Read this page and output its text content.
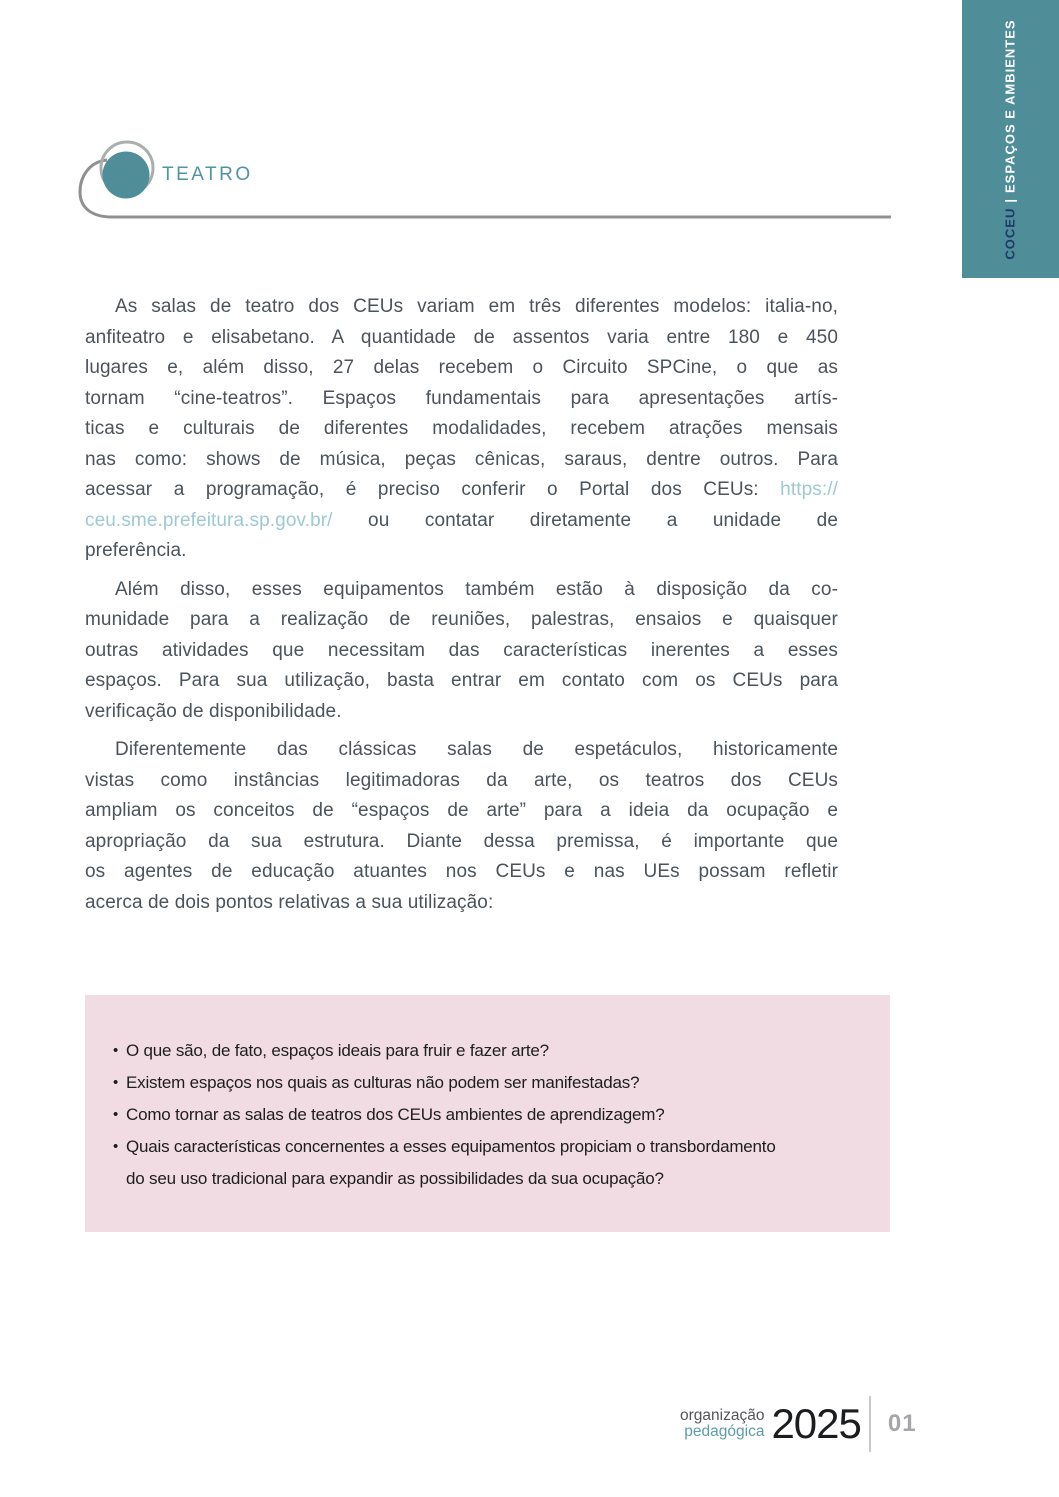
COCEU|ESPAÇOS E AMBIENTES
TEATRO
As salas de teatro dos CEUs variam em três diferentes modelos: italia-no,
anfiteatro e elisabetano. A quantidade de assentos varia entre 180 e 450
lugares e, além disso, 27 delas recebem o Circuito SPCine, o que as
tornam “cine-teatros”. Espaços fundamentais para apresentações artís-
ticas e culturais de diferentes modalidades, recebem atrações mensais
nas como: shows de música, peças cênicas, saraus, dentre outros. Para
acessar a programação, é preciso conferir o Portal dos CEUs: https://
ceu.sme.prefeitura.sp.gov.br/ ou contatar diretamente a unidade de
preferência.
Além disso, esses equipamentos também estão à disposição da co-
munidade para a realização de reuniões, palestras, ensaios e quaisquer
outras atividades que necessitam das características inerentes a esses
espaços. Para sua utilização, basta entrar em contato com os CEUs para
verificação de disponibilidade.
Diferentemente das clássicas salas de espetáculos, historicamente
vistas como instâncias legitimadoras da arte, os teatros dos CEUs
ampliam os conceitos de “espaços de arte” para a ideia da ocupação e
apropriação da sua estrutura. Diante dessa premissa, é importante que
os agentes de educação atuantes nos CEUs e nas UEs possam refletir
acerca de dois pontos relativas a sua utilização:
• O que são, de fato, espaços ideais para fruir e fazer arte?
• Existem espaços nos quais as culturas não podem ser manifestadas?
• Como tornar as salas de teatros dos CEUs ambientes de aprendizagem?
• Quais características concernentes a esses equipamentos propiciam o transbordamento
do seu uso tradicional para expandir as possibilidades da sua ocupação?
organização
pedagógica 2025 01
